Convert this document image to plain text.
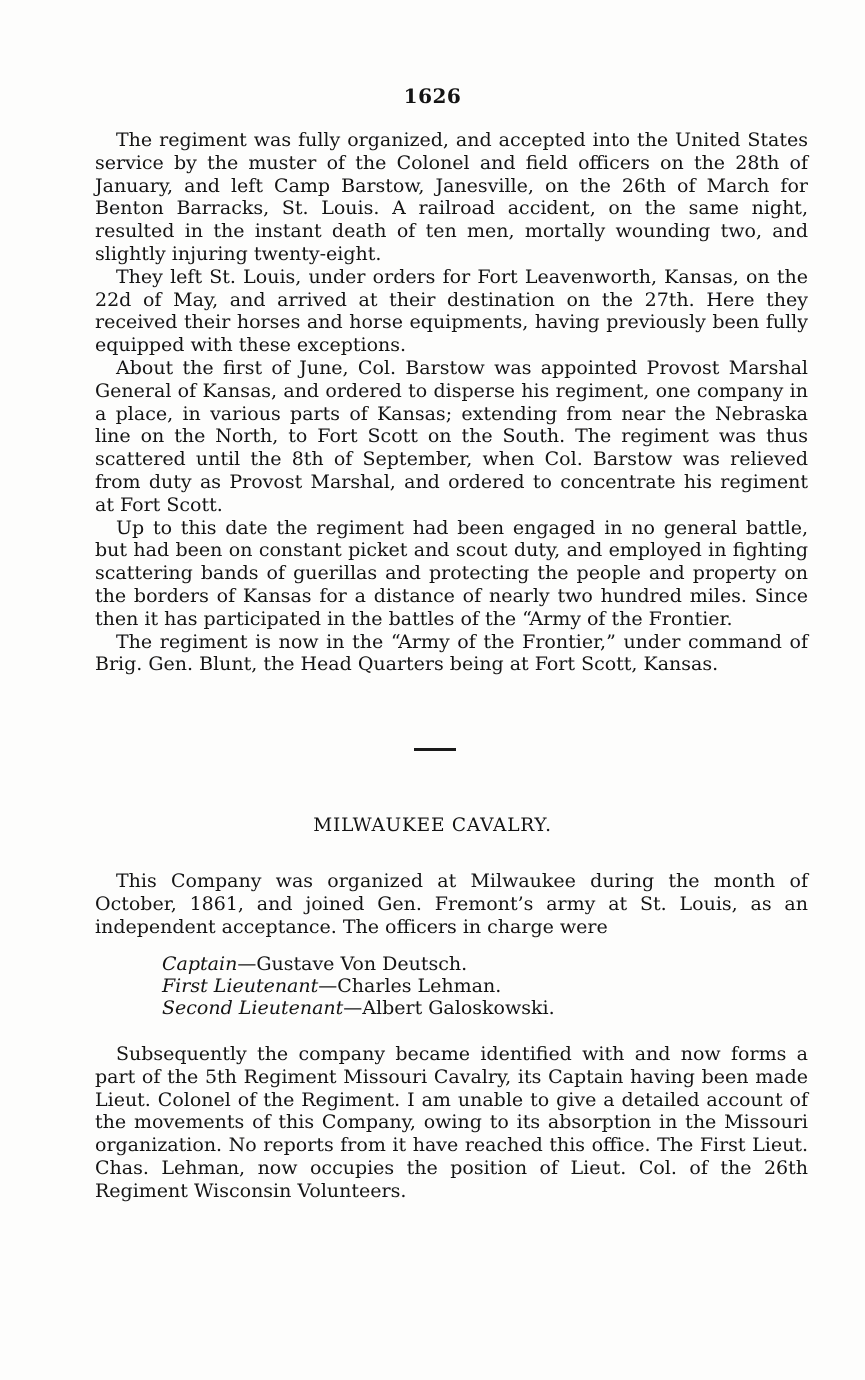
1626

The regiment was fully organized, and accepted into the United States service by the muster of the Colonel and field officers on the 28th of January, and left Camp Barstow, Janesville, on the 26th of March for Benton Barracks, St. Louis. A railroad accident, on the same night, resulted in the instant death of ten men, mortally wounding two, and slightly injuring twenty-eight.

They left St. Louis, under orders for Fort Leavenworth, Kansas, on the 22d of May, and arrived at their destination on the 27th. Here they received their horses and horse equipments, having previously been fully equipped with these exceptions.

About the first of June, Col. Barstow was appointed Provost Marshal General of Kansas, and ordered to disperse his regiment, one company in a place, in various parts of Kansas; extending from near the Nebraska line on the North, to Fort Scott on the South. The regiment was thus scattered until the 8th of September, when Col. Barstow was relieved from duty as Provost Marshal, and ordered to concentrate his regiment at Fort Scott.

Up to this date the regiment had been engaged in no general battle, but had been on constant picket and scout duty, and employed in fighting scattering bands of guerillas and protecting the people and property on the borders of Kansas for a distance of nearly two hundred miles. Since then it has participated in the battles of the “Army of the Frontier.

The regiment is now in the “Army of the Frontier,” under command of Brig. Gen. Blunt, the Head Quarters being at Fort Scott, Kansas.

MILWAUKEE CAVALRY.

This Company was organized at Milwaukee during the month of October, 1861, and joined Gen. Fremont’s army at St. Louis, as an independent acceptance. The officers in charge were

Captain—Gustave Von Deutsch.

First Lieutenant—Charles Lehman.

Second Lieutenant—Albert Galoskowski.

Subsequently the company became identified with and now forms a part of the 5th Regiment Missouri Cavalry, its Captain having been made Lieut. Colonel of the Regiment. I am unable to give a detailed account of the movements of this Company, owing to its absorption in the Missouri organization. No reports from it have reached this office. The First Lieut. Chas. Lehman, now occupies the position of Lieut. Col. of the 26th Regiment Wisconsin Volunteers.
